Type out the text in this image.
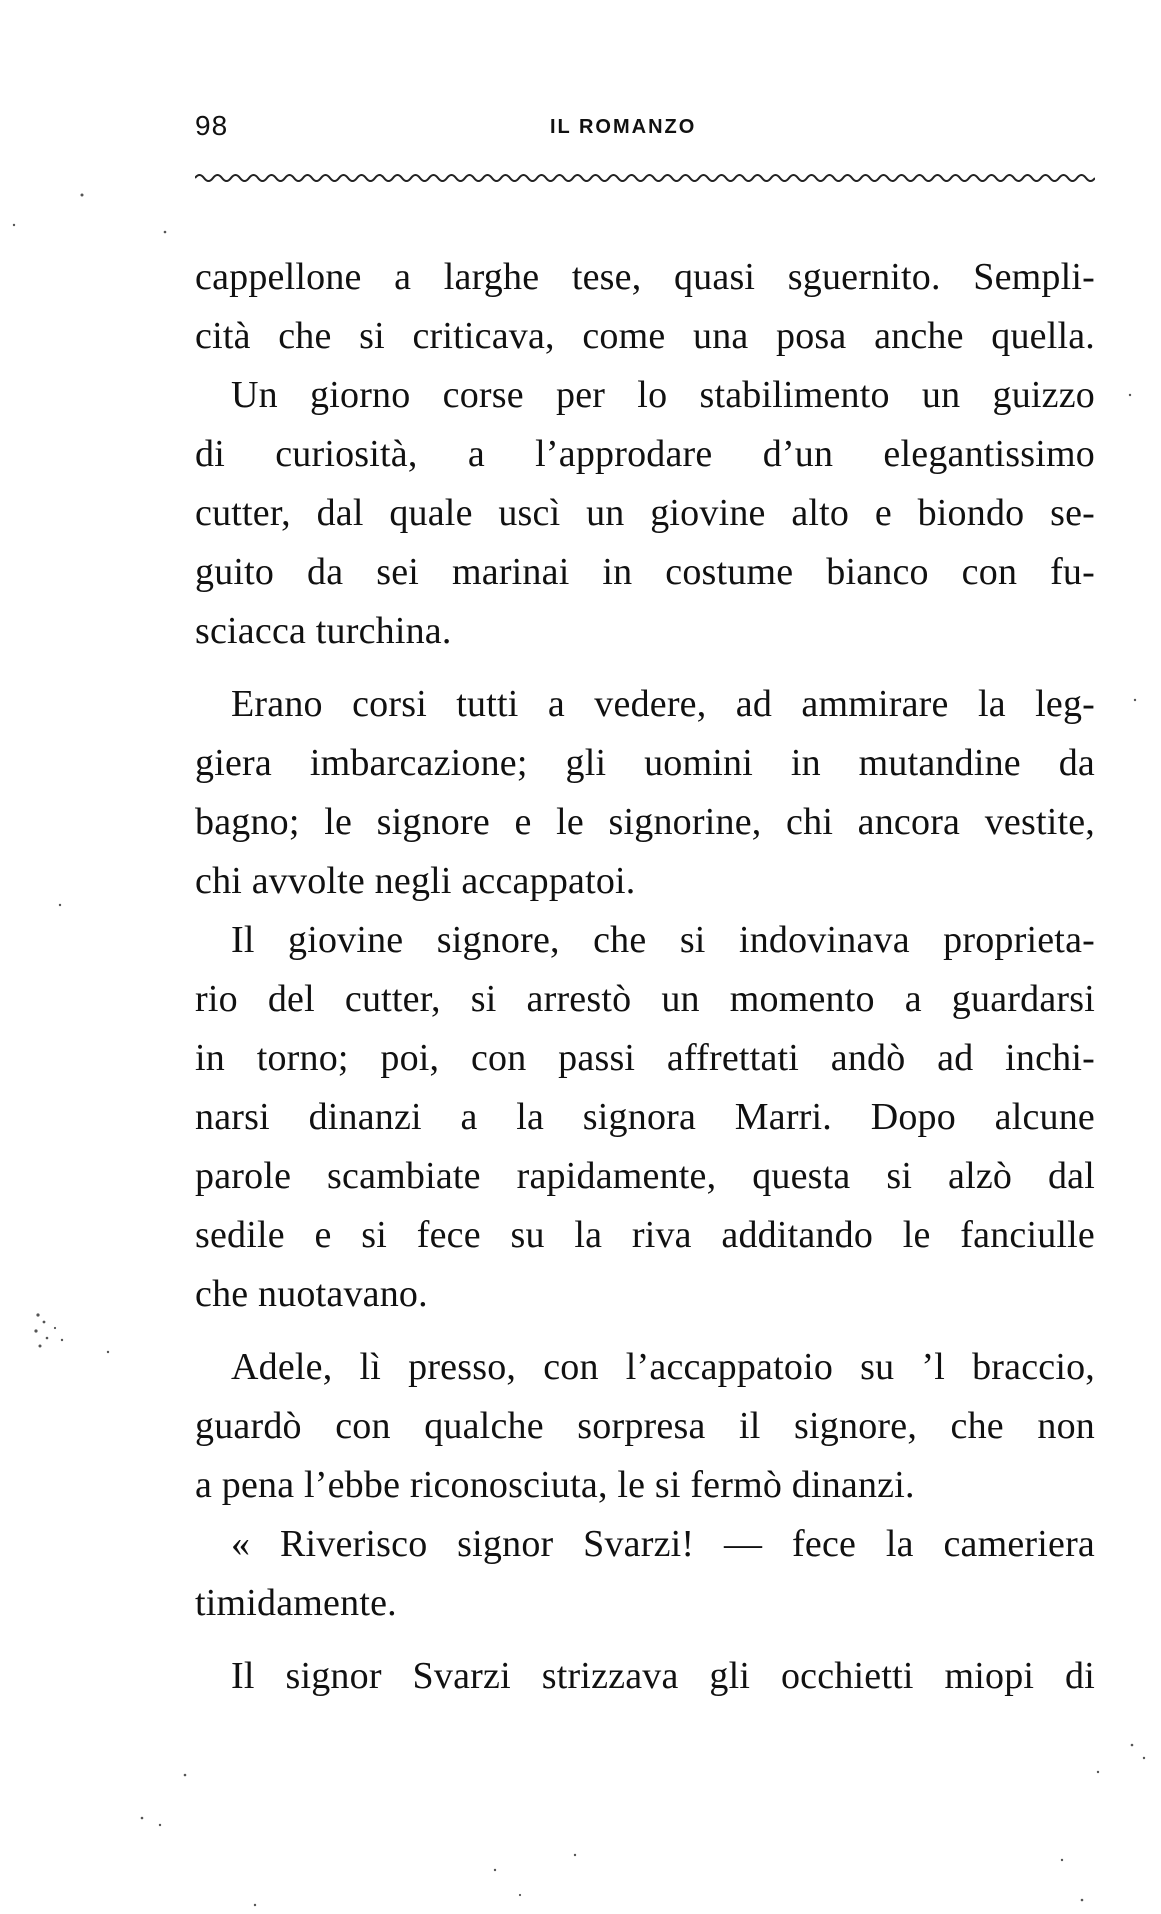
98	IL ROMANZO
cappellone a larghe tese, quasi sguernito. Sempli-
cità che si criticava, come una posa anche quella.
Un giorno corse per lo stabilimento un guizzo
di curiosità, a l’approdare d’un elegantissimo
cutter, dal quale uscì un giovine alto e biondo se-
guito da sei marinai in costume bianco con fu-
sciacca turchina.
Erano corsi tutti a vedere, ad ammirare la leg-
giera imbarcazione; gli uomini in mutandine da
bagno; le signore e le signorine, chi ancora vestite,
chi avvolte negli accappatoi.
Il giovine signore, che si indovinava proprieta-
rio del cutter, si arrestò un momento a guardarsi
in torno; poi, con passi affrettati andò ad inchi-
narsi dinanzi a la signora Marri. Dopo alcune
parole scambiate rapidamente, questa si alzò dal
sedile e si fece su la riva additando le fanciulle
che nuotavano.
Adele, lì presso, con l’accappatoio su ’l braccio,
guardò con qualche sorpresa il signore, che non
a pena l’ebbe riconosciuta, le si fermò dinanzi.
« Riverisco signor Svarzi! — fece la cameriera
timidamente.
Il signor Svarzi strizzava gli occhietti miopi di
